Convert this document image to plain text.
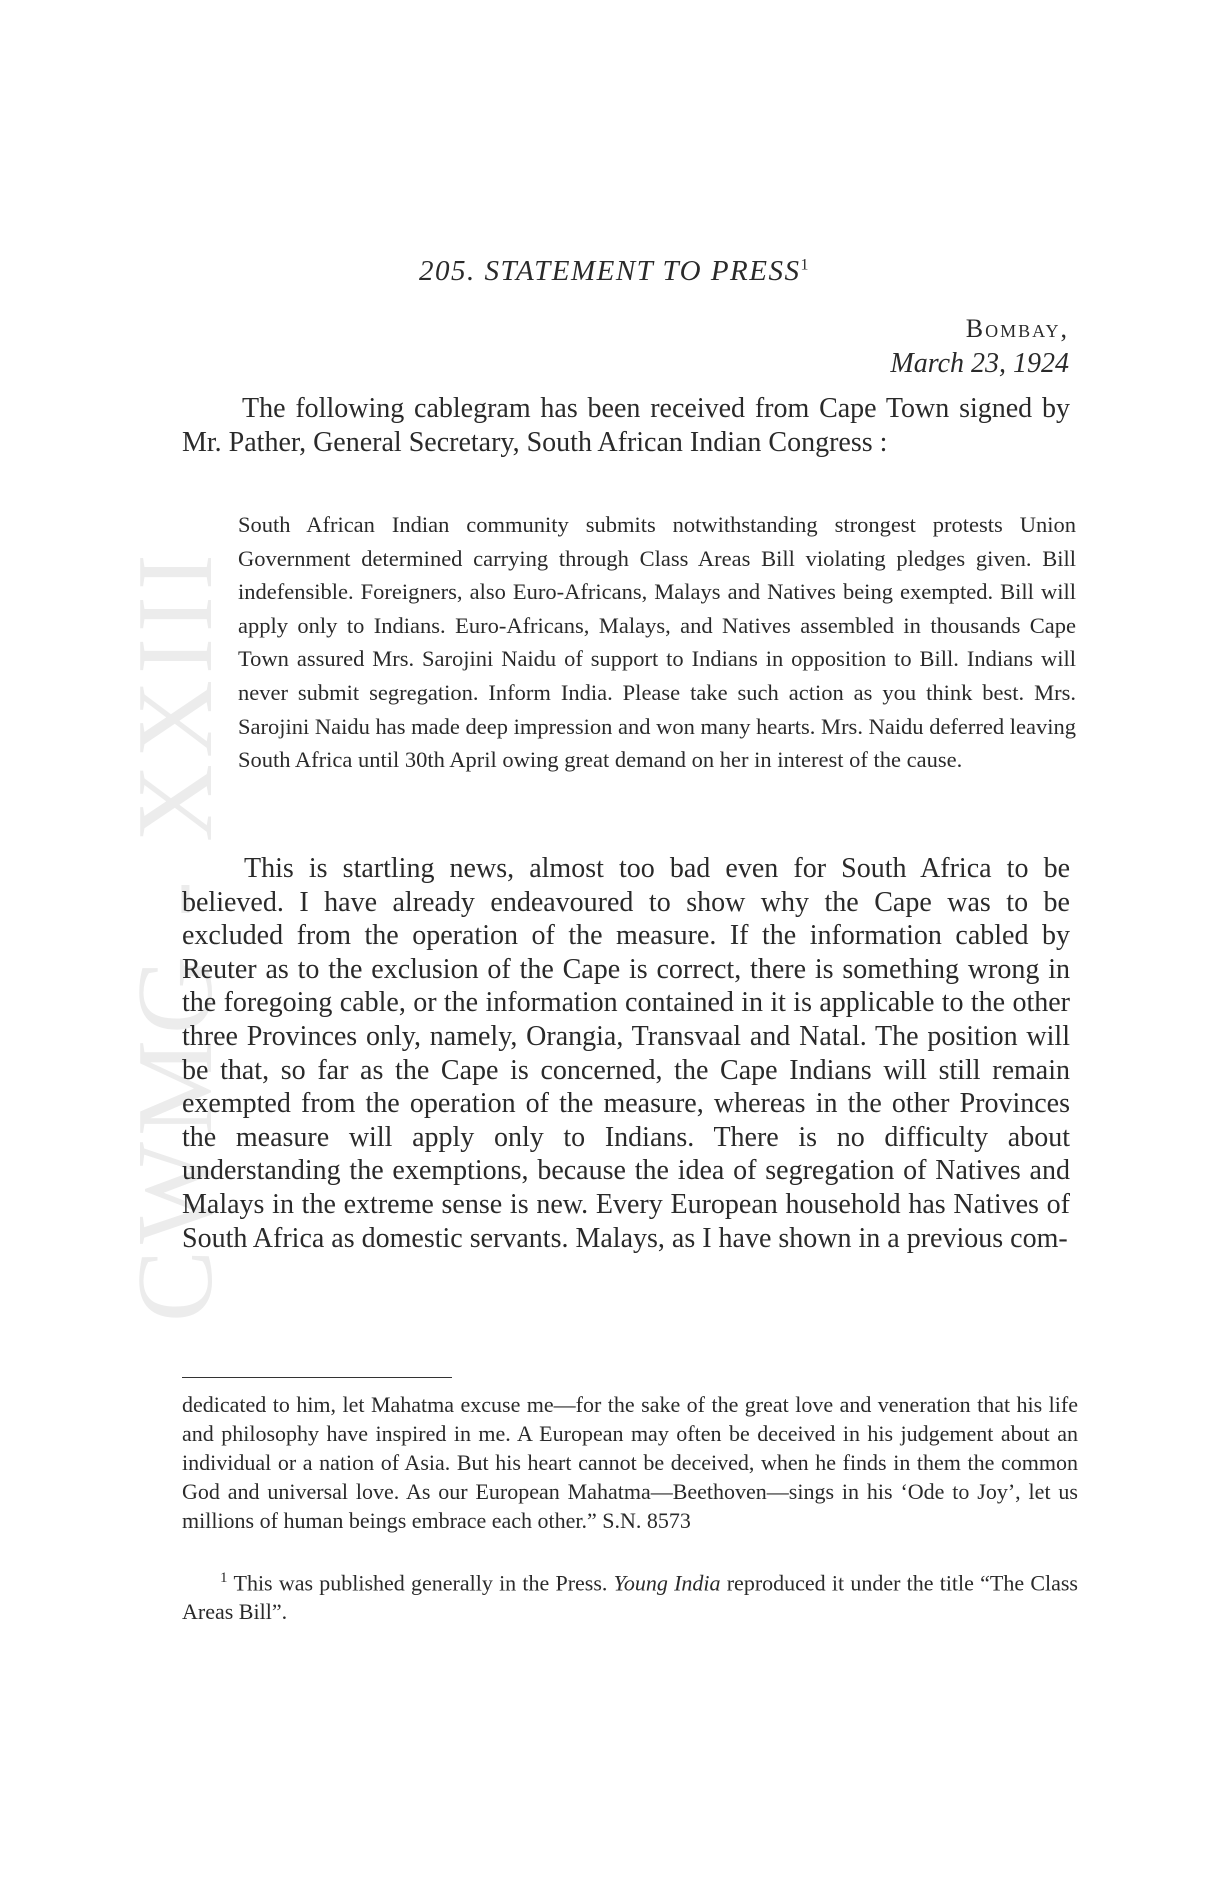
CWMG - XXIII
205. STATEMENT TO PRESS$^1$
Bombay,
March 23, 1924
The following cablegram has been received from Cape Town signed by Mr. Pather, General Secretary, South African Indian Congress :
South African Indian community submits notwithstanding strongest protests Union Government determined carrying through Class Areas Bill violating pledges given. Bill indefensible. Foreigners, also Euro-Africans, Malays and Natives being exempted. Bill will apply only to Indians. Euro-Africans, Malays, and Natives assembled in thousands Cape Town assured Mrs. Sarojini Naidu of support to Indians in opposition to Bill. Indians will never submit segregation. Inform India. Please take such action as you think best. Mrs. Sarojini Naidu has made deep impression and won many hearts. Mrs. Naidu deferred leaving South Africa until 30th April owing great demand on her in interest of the cause.
This is startling news, almost too bad even for South Africa to be believed. I have already endeavoured to show why the Cape was to be excluded from the operation of the measure. If the information cabled by Reuter as to the exclusion of the Cape is correct, there is something wrong in the foregoing cable, or the information contained in it is applicable to the other three Provinces only, namely, Orangia, Transvaal and Natal. The position will be that, so far as the Cape is concerned, the Cape Indians will still remain exempted from the operation of the measure, whereas in the other Provinces the measure will apply only to Indians. There is no difficulty about understanding the exemptions, because the idea of segregation of Natives and Malays in the extreme sense is new. Every European household has Natives of South Africa as domestic servants. Malays, as I have shown in a previous com-
dedicated to him, let Mahatma excuse me—for the sake of the great love and veneration that his life and philosophy have inspired in me. A European may often be deceived in his judgement about an individual or a nation of Asia. But his heart cannot be deceived, when he finds in them the common God and universal love. As our European Mahatma—Beethoven—sings in his ‘Ode to Joy’, let us millions of human beings embrace each other.” S.N. 8573
$^1$ This was published generally in the Press. Young India reproduced it under the title “The Class Areas Bill”.
